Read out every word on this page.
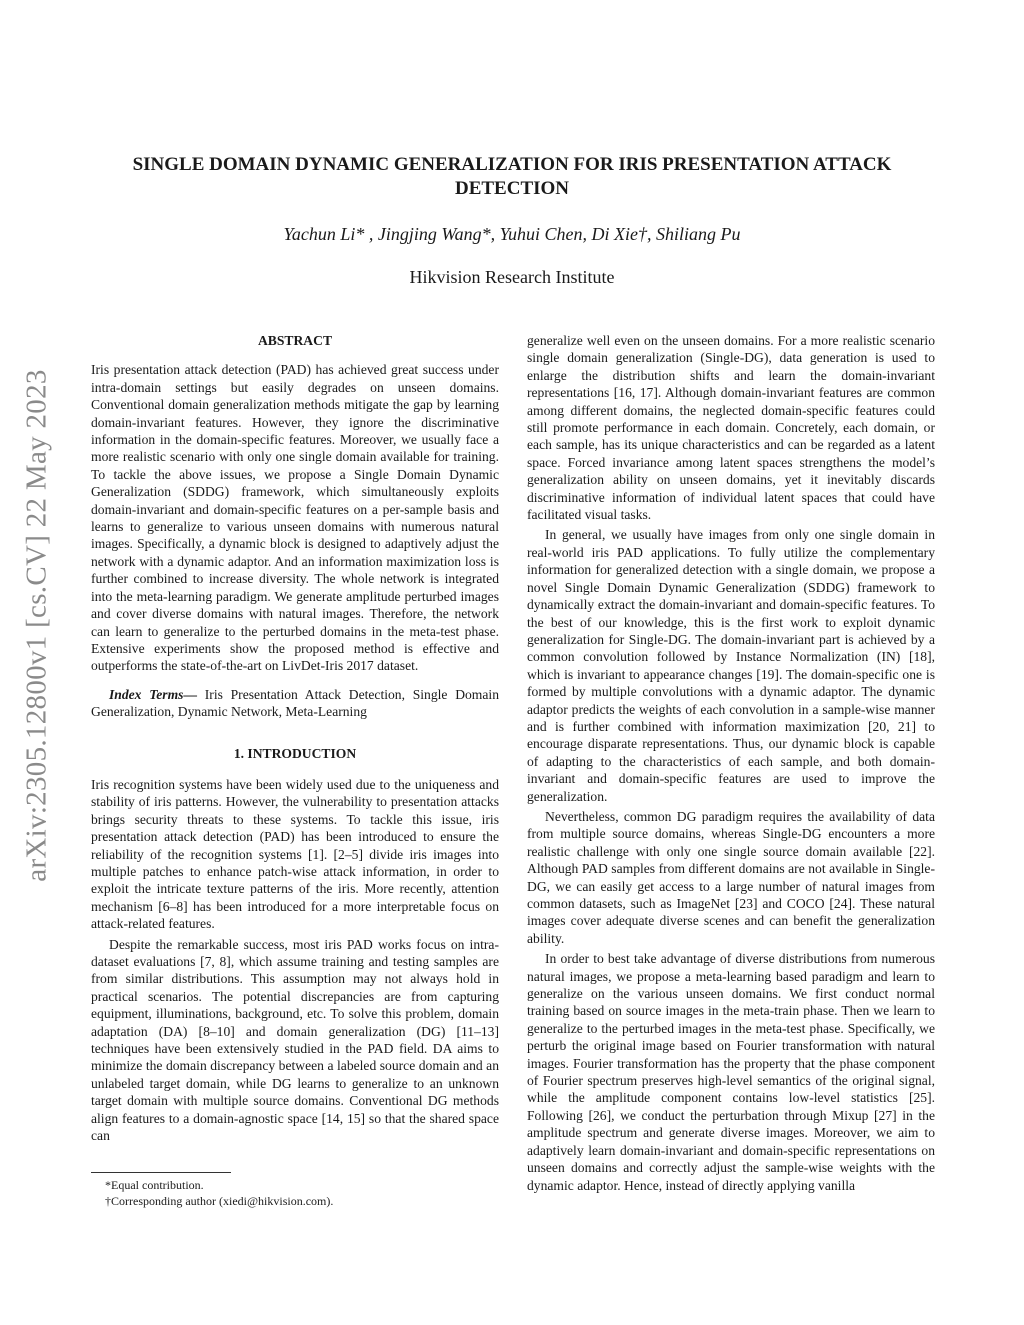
arXiv:2305.12800v1 [cs.CV] 22 May 2023
SINGLE DOMAIN DYNAMIC GENERALIZATION FOR IRIS PRESENTATION ATTACK DETECTION
Yachun Li* , Jingjing Wang*, Yuhui Chen, Di Xie†, Shiliang Pu
Hikvision Research Institute
ABSTRACT

Iris presentation attack detection (PAD) has achieved great success under intra-domain settings but easily degrades on unseen domains. Conventional domain generalization methods mitigate the gap by learning domain-invariant features. However, they ignore the discriminative information in the domain-specific features. Moreover, we usually face a more realistic scenario with only one single domain available for training. To tackle the above issues, we propose a Single Domain Dynamic Generalization (SDDG) framework, which simultaneously exploits domain-invariant and domain-specific features on a per-sample basis and learns to generalize to various unseen domains with numerous natural images. Specifically, a dynamic block is designed to adaptively adjust the network with a dynamic adaptor. And an information maximization loss is further combined to increase diversity. The whole network is integrated into the meta-learning paradigm. We generate amplitude perturbed images and cover diverse domains with natural images. Therefore, the network can learn to generalize to the perturbed domains in the meta-test phase. Extensive experiments show the proposed method is effective and outperforms the state-of-the-art on LivDet-Iris 2017 dataset.

Index Terms— Iris Presentation Attack Detection, Single Domain Generalization, Dynamic Network, Meta-Learning

1. INTRODUCTION

Iris recognition systems have been widely used due to the uniqueness and stability of iris patterns. However, the vulnerability to presentation attacks brings security threats to these systems. To tackle this issue, iris presentation attack detection (PAD) has been introduced to ensure the reliability of the recognition systems [1]. [2–5] divide iris images into multiple patches to enhance patch-wise attack information, in order to exploit the intricate texture patterns of the iris. More recently, attention mechanism [6–8] has been introduced for a more interpretable focus on attack-related features.

Despite the remarkable success, most iris PAD works focus on intra-dataset evaluations [7, 8], which assume training and testing samples are from similar distributions. This assumption may not always hold in practical scenarios. The potential discrepancies are from capturing equipment, illuminations, background, etc. To solve this problem, domain adaptation (DA) [8–10] and domain generalization (DG) [11–13] techniques have been extensively studied in the PAD field. DA aims to minimize the domain discrepancy between a labeled source domain and an unlabeled target domain, while DG learns to generalize to an unknown target domain with multiple source domains. Conventional DG methods align features to a domain-agnostic space [14, 15] so that the shared space can

generalize well even on the unseen domains. For a more realistic scenario single domain generalization (Single-DG), data generation is used to enlarge the distribution shifts and learn the domain-invariant representations [16, 17]. Although domain-invariant features are common among different domains, the neglected domain-specific features could still promote performance in each domain. Concretely, each domain, or each sample, has its unique characteristics and can be regarded as a latent space. Forced invariance among latent spaces strengthens the model’s generalization ability on unseen domains, yet it inevitably discards discriminative information of individual latent spaces that could have facilitated visual tasks.

In general, we usually have images from only one single domain in real-world iris PAD applications. To fully utilize the complementary information for generalized detection with a single domain, we propose a novel Single Domain Dynamic Generalization (SDDG) framework to dynamically extract the domain-invariant and domain-specific features. To the best of our knowledge, this is the first work to exploit dynamic generalization for Single-DG. The domain-invariant part is achieved by a common convolution followed by Instance Normalization (IN) [18], which is invariant to appearance changes [19]. The domain-specific one is formed by multiple convolutions with a dynamic adaptor. The dynamic adaptor predicts the weights of each convolution in a sample-wise manner and is further combined with information maximization [20, 21] to encourage disparate representations. Thus, our dynamic block is capable of adapting to the characteristics of each sample, and both domain-invariant and domain-specific features are used to improve the generalization.

Nevertheless, common DG paradigm requires the availability of data from multiple source domains, whereas Single-DG encounters a more realistic challenge with only one single source domain available [22]. Although PAD samples from different domains are not available in Single-DG, we can easily get access to a large number of natural images from common datasets, such as ImageNet [23] and COCO [24]. These natural images cover adequate diverse scenes and can benefit the generalization ability.

In order to best take advantage of diverse distributions from numerous natural images, we propose a meta-learning based paradigm and learn to generalize on the various unseen domains. We first conduct normal training based on source images in the meta-train phase. Then we learn to generalize to the perturbed images in the meta-test phase. Specifically, we perturb the original image based on Fourier transformation with natural images. Fourier transformation has the property that the phase component of Fourier spectrum preserves high-level semantics of the original signal, while the amplitude component contains low-level statistics [25]. Following [26], we conduct the perturbation through Mixup [27] in the amplitude spectrum and generate diverse images. Moreover, we aim to adaptively learn domain-invariant and domain-specific representations on unseen domains and correctly adjust the sample-wise weights with the dynamic adaptor. Hence, instead of directly applying vanilla

*Equal contribution.
†Corresponding author (xiedi@hikvision.com).
